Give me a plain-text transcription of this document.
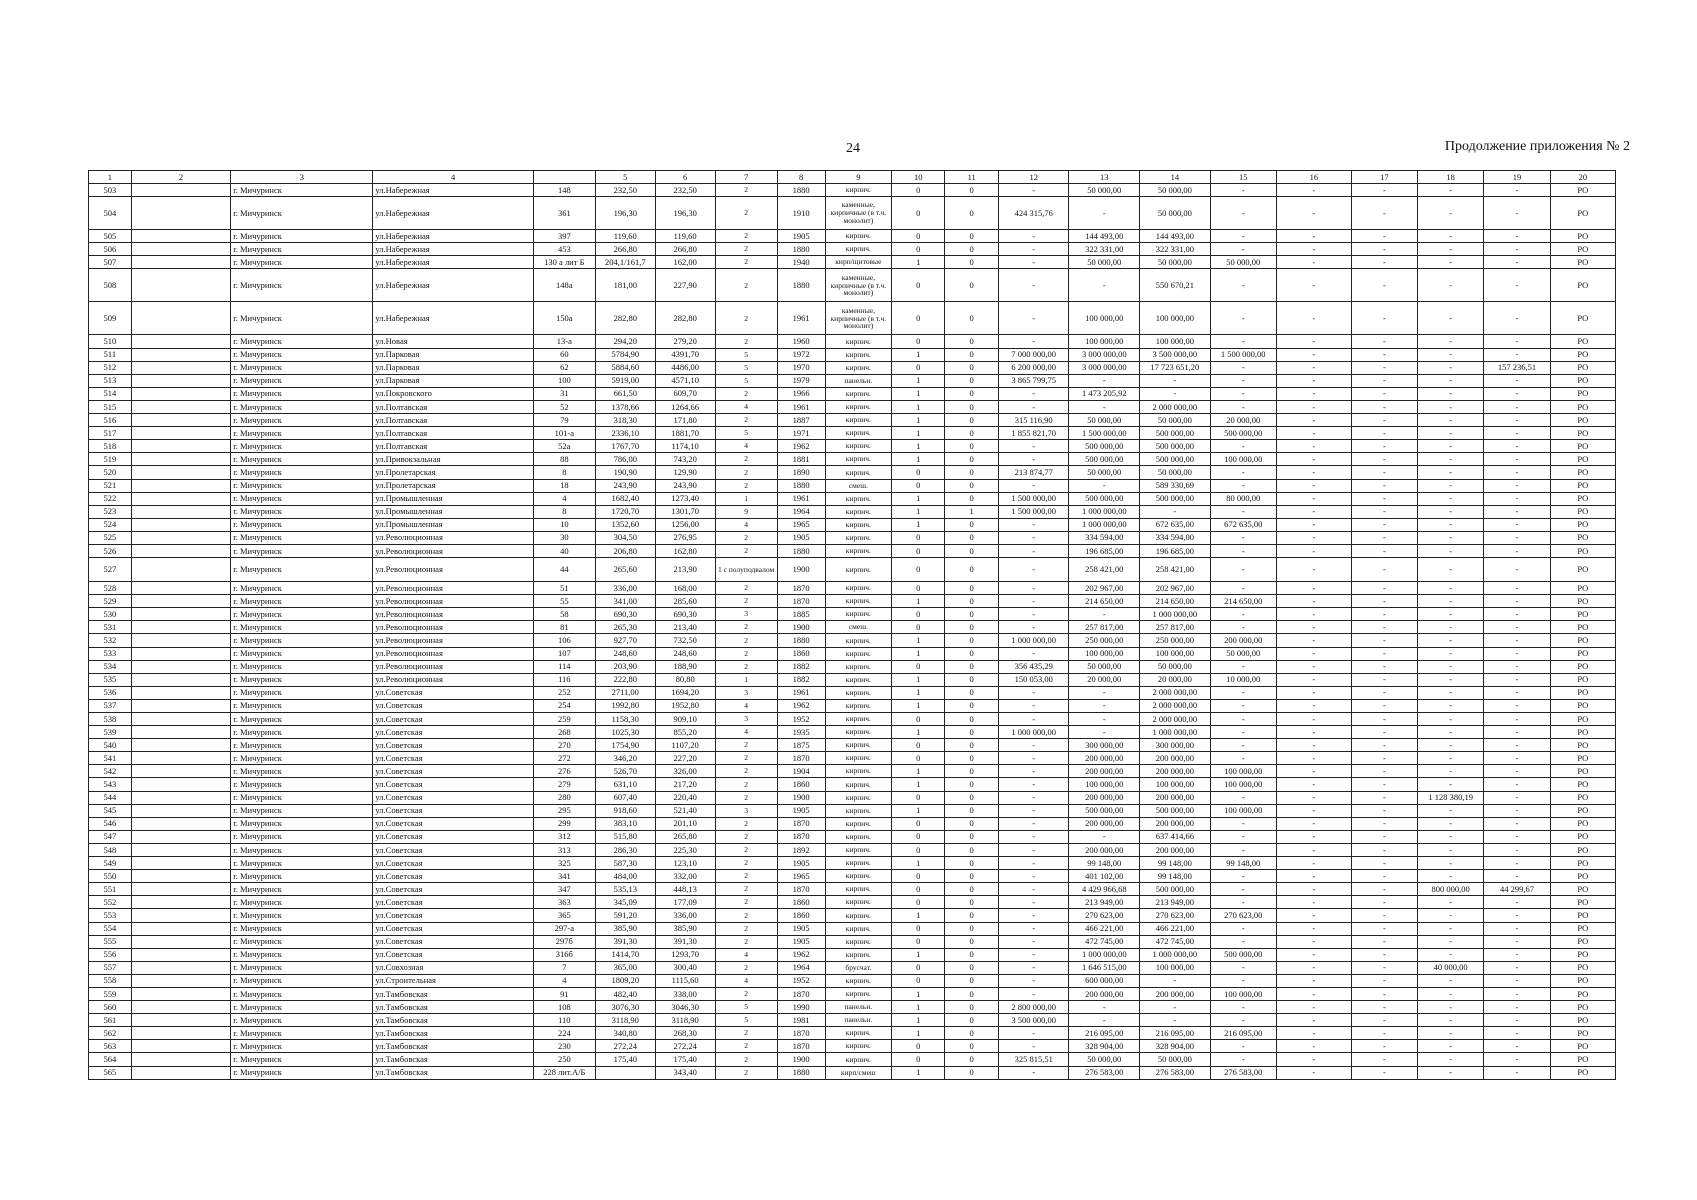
24	Продолжение приложения № 2
1	2	3	4		5	6	7	8	9	10	11	12	13	14	15	16	17	18	19	20
503		г. Мичуринск	ул.Набережная	148	232,50	232,50	2	1880	кирпич.	0	0	-	50 000,00	50 000,00	-	-	-	-	-	РО
504		г. Мичуринск	ул.Набережная	361	196,30	196,30	2	1910	каменные, кирпичные (в т.ч. монолит)	0	0	424 315,76	-	50 000,00	-	-	-	-	-	РО
505		г. Мичуринск	ул.Набережная	397	119,60	119,60	2	1905	кирпич.	0	0	-	144 493,00	144 493,00	-	-	-	-	-	РО
506		г. Мичуринск	ул.Набережная	453	266,80	266,80	2	1880	кирпич.	0	0	-	322 331,00	322 331,00	-	-	-	-	-	РО
507		г. Мичуринск	ул.Набережная	130 а лит Б	204,1/161,7	162,00	2	1940	кирп/щитовые	1	0	-	50 000,00	50 000,00	50 000,00	-	-	-	-	РО
508		г. Мичуринск	ул.Набережная	148а	181,00	227,90	2	1880	каменные, кирпичные (в т.ч. монолит)	0	0	-	-	550 670,21	-	-	-	-	-	РО
509		г. Мичуринск	ул.Набережная	150а	282,80	282,80	2	1961	каменные, кирпичные (в т.ч. монолит)	0	0	-	100 000,00	100 000,00	-	-	-	-	-	РО
510		г. Мичуринск	ул.Новая	13-а	294,20	279,20	2	1960	кирпич.	0	0	-	100 000,00	100 000,00	-	-	-	-	-	РО
511		г. Мичуринск	ул.Парковая	60	5784,90	4391,70	5	1972	кирпич.	1	0	7 000 000,00	3 000 000,00	3 500 000,00	1 500 000,00	-	-	-	-	РО
512		г. Мичуринск	ул.Парковая	62	5884,60	4486,00	5	1970	кирпич.	0	0	6 200 000,00	3 000 000,00	17 723 651,20	-	-	-	-	157 236,51	РО
513		г. Мичуринск	ул.Парковая	100	5919,00	4571,10	5	1979	панельн.	1	0	3 865 799,75	-	-	-	-	-	-	-	РО
514		г. Мичуринск	ул.Покровского	31	661,50	609,70	2	1966	кирпич.	1	0	-	1 473 205,92	-	-	-	-	-	-	РО
515		г. Мичуринск	ул.Полтавская	52	1378,66	1264,66	4	1961	кирпич.	1	0	-	-	2 000 000,00	-	-	-	-	-	РО
516		г. Мичуринск	ул.Полтавская	79	318,30	171,80	2	1887	кирпич.	1	0	315 116,90	50 000,00	50 000,00	20 000,00	-	-	-	-	РО
517		г. Мичуринск	ул.Полтавская	101-а	2336,10	1881,70	5	1971	кирпич.	1	0	1 855 821,70	1 500 000,00	500 000,00	500 000,00	-	-	-	-	РО
518		г. Мичуринск	ул.Полтавская	52а	1767,70	1174,10	4	1962	кирпич.	1	0	-	500 000,00	500 000,00	-	-	-	-	-	РО
519		г. Мичуринск	ул.Привокзальная	88	786,00	743,20	2	1881	кирпич.	1	0	-	500 000,00	500 000,00	100 000,00	-	-	-	-	РО
520		г. Мичуринск	ул.Пролетарская	8	190,90	129,90	2	1890	кирпич.	0	0	213 874,77	50 000,00	50 000,00	-	-	-	-	-	РО
521		г. Мичуринск	ул.Пролетарская	18	243,90	243,90	2	1880	смеш.	0	0	-	-	589 330,69	-	-	-	-	-	РО
522		г. Мичуринск	ул.Промышленная	4	1682,40	1273,40	1	1961	кирпич.	1	0	1 500 000,00	500 000,00	500 000,00	80 000,00	-	-	-	-	РО
523		г. Мичуринск	ул.Промышленная	8	1720,70	1301,70	9	1964	кирпич.	1	1	1 500 000,00	1 000 000,00	-	-	-	-	-	-	РО
524		г. Мичуринск	ул.Промышленная	10	1352,60	1256,00	4	1965	кирпич.	1	0	-	1 000 000,00	672 635,00	672 635,00	-	-	-	-	РО
525		г. Мичуринск	ул.Революционная	30	304,50	276,95	2	1905	кирпич.	0	0	-	334 594,00	334 594,00	-	-	-	-	-	РО
526		г. Мичуринск	ул.Революционная	40	206,80	162,80	2	1880	кирпич.	0	0	-	196 685,00	196 685,00	-	-	-	-	-	РО
527		г. Мичуринск	ул.Революционная	44	265,60	213,90	1 с полуподвалом	1900	кирпич.	0	0	-	258 421,00	258 421,00	-	-	-	-	-	РО
528		г. Мичуринск	ул.Революционная	51	336,00	168,00	2	1870	кирпич.	0	0	-	202 967,00	202 967,00	-	-	-	-	-	РО
529		г. Мичуринск	ул.Революционная	55	341,00	285,60	2	1870	кирпич.	1	0	-	214 650,00	214 650,00	214 650,00	-	-	-	-	РО
530		г. Мичуринск	ул.Революционная	58	690,30	690,30	3	1885	кирпич.	0	0	-	-	1 000 000,00	-	-	-	-	-	РО
531		г. Мичуринск	ул.Революционная	81	265,30	213,40	2	1900	смеш.	0	0	-	257 817,00	257 817,00	-	-	-	-	-	РО
532		г. Мичуринск	ул.Революционная	106	927,70	732,50	2	1880	кирпич.	1	0	1 000 000,00	250 000,00	250 000,00	200 000,00	-	-	-	-	РО
533		г. Мичуринск	ул.Революционная	107	248,60	248,60	2	1860	кирпич.	1	0	-	100 000,00	100 000,00	50 000,00	-	-	-	-	РО
534		г. Мичуринск	ул.Революционная	114	203,90	188,90	2	1882	кирпич.	0	0	356 435,29	50 000,00	50 000,00	-	-	-	-	-	РО
535		г. Мичуринск	ул.Революционная	116	222,80	80,80	1	1882	кирпич.	1	0	150 053,00	20 000,00	20 000,00	10 000,00	-	-	-	-	РО
536		г. Мичуринск	ул.Советская	252	2711,00	1694,20	3	1961	кирпич.	1	0	-	-	2 000 000,00	-	-	-	-	-	РО
537		г. Мичуринск	ул.Советская	254	1992,80	1952,80	4	1962	кирпич.	1	0	-	-	2 000 000,00	-	-	-	-	-	РО
538		г. Мичуринск	ул.Советская	259	1158,30	909,10	3	1952	кирпич.	0	0	-	-	2 000 000,00	-	-	-	-	-	РО
539		г. Мичуринск	ул.Советская	268	1025,30	855,20	4	1935	кирпич.	1	0	1 000 000,00	-	1 000 000,00	-	-	-	-	-	РО
540		г. Мичуринск	ул.Советская	270	1754,90	1107,20	2	1875	кирпич.	0	0	-	300 000,00	300 000,00	-	-	-	-	-	РО
541		г. Мичуринск	ул.Советская	272	346,20	227,20	2	1870	кирпич.	0	0	-	200 000,00	200 000,00	-	-	-	-	-	РО
542		г. Мичуринск	ул.Советская	276	526,70	326,00	2	1904	кирпич.	1	0	-	200 000,00	200 000,00	100 000,00	-	-	-	-	РО
543		г. Мичуринск	ул.Советская	279	631,10	217,20	2	1860	кирпич.	1	0	-	100 000,00	100 000,00	100 000,00	-	-	-	-	РО
544		г. Мичуринск	ул.Советская	280	607,40	220,40	2	1900	кирпич.	0	0	-	200 000,00	200 000,00	-	-	-	1 128 380,19	-	РО
545		г. Мичуринск	ул.Советская	295	918,60	521,40	3	1905	кирпич.	1	0	-	500 000,00	500 000,00	100 000,00	-	-	-	-	РО
546		г. Мичуринск	ул.Советская	299	383,10	201,10	2	1870	кирпич.	0	0	-	200 000,00	200 000,00	-	-	-	-	-	РО
547		г. Мичуринск	ул.Советская	312	515,80	265,80	2	1870	кирпич.	0	0	-	-	637 414,66	-	-	-	-	-	РО
548		г. Мичуринск	ул.Советская	313	286,30	225,30	2	1892	кирпич.	0	0	-	200 000,00	200 000,00	-	-	-	-	-	РО
549		г. Мичуринск	ул.Советская	325	587,30	123,10	2	1905	кирпич.	1	0	-	99 148,00	99 148,00	99 148,00	-	-	-	-	РО
550		г. Мичуринск	ул.Советская	341	484,00	332,00	2	1965	кирпич.	0	0	-	401 102,00	99 148,00	-	-	-	-	-	РО
551		г. Мичуринск	ул.Советская	347	535,13	448,13	2	1870	кирпич.	0	0	-	4 429 966,68	500 000,00	-	-	-	800 000,00	44 299,67	РО
552		г. Мичуринск	ул.Советская	363	345,09	177,09	2	1860	кирпич.	0	0	-	213 949,00	213 949,00	-	-	-	-	-	РО
553		г. Мичуринск	ул.Советская	365	591,20	336,00	2	1860	кирпич.	1	0	-	270 623,00	270 623,00	270 623,00	-	-	-	-	РО
554		г. Мичуринск	ул.Советская	297-а	385,90	385,90	2	1905	кирпич.	0	0	-	466 221,00	466 221,00	-	-	-	-	-	РО
555		г. Мичуринск	ул.Советская	297б	391,30	391,30	2	1905	кирпич.	0	0	-	472 745,00	472 745,00	-	-	-	-	-	РО
556		г. Мичуринск	ул.Советская	316б	1414,70	1293,70	4	1962	кирпич.	1	0	-	1 000 000,00	1 000 000,00	500 000,00	-	-	-	-	РО
557		г. Мичуринск	ул.Совхозная	7	365,00	300,40	2	1964	брусчат.	0	0	-	1 646 515,00	100 000,00	-	-	-	40 000,00	-	РО
558		г. Мичуринск	ул.Строительная	4	1809,20	1115,60	4	1952	кирпич.	0	0	-	600 000,00	-	-	-	-	-	-	РО
559		г. Мичуринск	ул.Тамбовская	91	482,40	338,00	2	1870	кирпич.	1	0	-	200 000,00	200 000,00	100 000,00	-	-	-	-	РО
560		г. Мичуринск	ул.Тамбовская	108	3076,30	3046,30	5	1990	панельн.	1	0	2 800 000,00	-	-	-	-	-	-	-	РО
561		г. Мичуринск	ул.Тамбовская	110	3118,90	3118,90	5	1981	панельн.	1	0	3 500 000,00	-	-	-	-	-	-	-	РО
562		г. Мичуринск	ул.Тамбовская	224	340,80	268,30	2	1870	кирпич.	1	0	-	216 095,00	216 095,00	216 095,00	-	-	-	-	РО
563		г. Мичуринск	ул.Тамбовская	230	272,24	272,24	2	1870	кирпич.	0	0	-	328 904,00	328 904,00	-	-	-	-	-	РО
564		г. Мичуринск	ул.Тамбовская	250	175,40	175,40	2	1900	кирпич.	0	0	325 815,51	50 000,00	50 000,00	-	-	-	-	-	РО
565		г. Мичуринск	ул.Тамбовская	228 лит.А/Б		343,40	2	1880	кирп/смеш	1	0	-	276 583,00	276 583,00	276 583,00	-	-	-	-	РО
